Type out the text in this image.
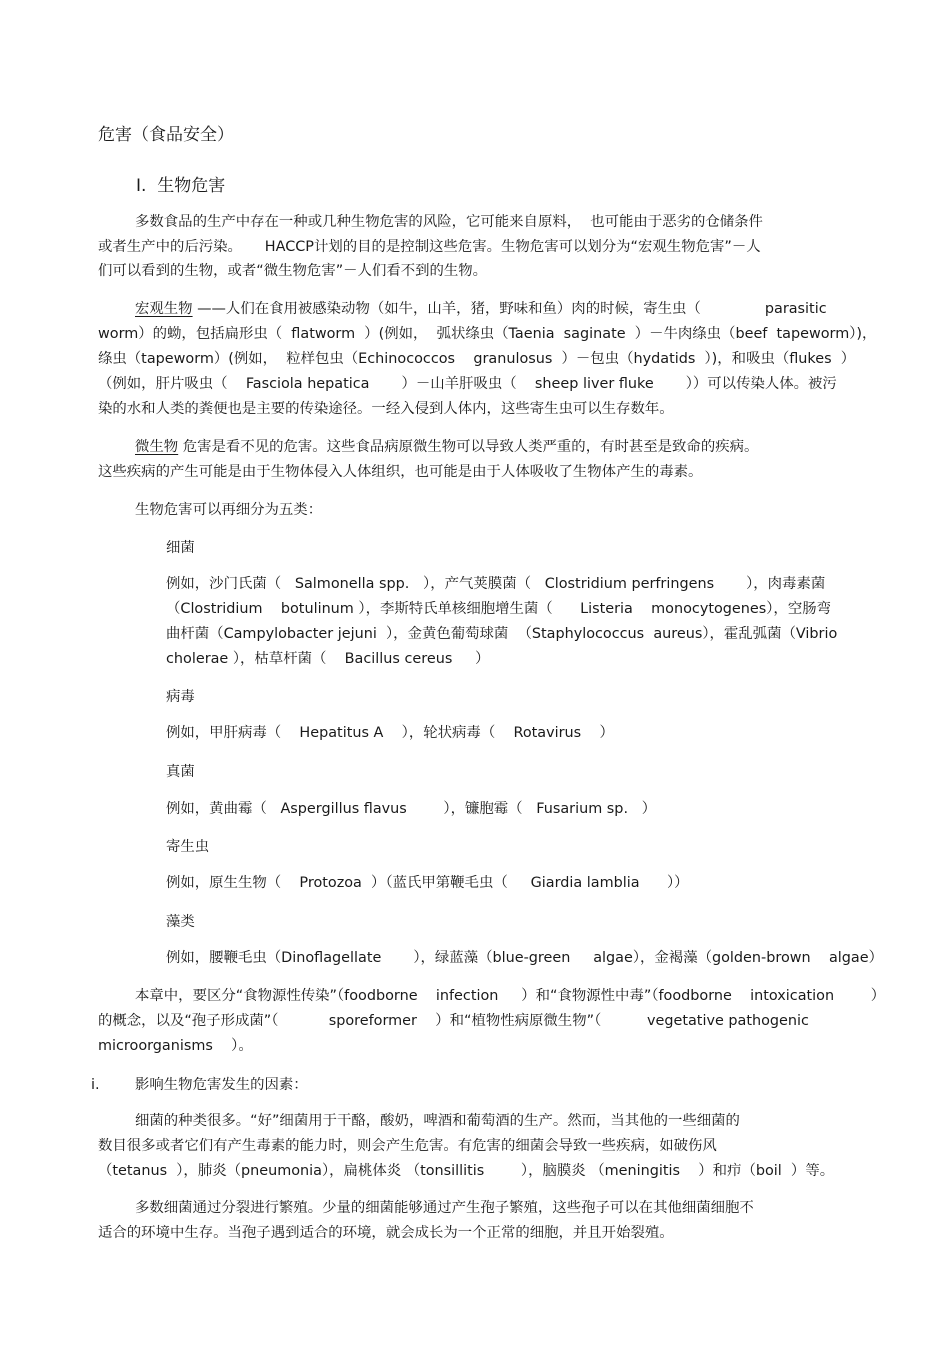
危害（食品安全）
I.  生物危害
多数食品的生产中存在一种或几种生物危害的风险，它可能来自原料，  也可能由于恶劣的仓储条件
或者生产中的后污染。     HACCP计划的目的是控制这些危害。生物危害可以划分为“宏观生物危害”－人
们可以看到的生物，或者“微生物危害”－人们看不到的生物。
宏观生物 ——人们在食用被感染动物（如牛，山羊，猪，野味和鱼）肉的时候，寄生虫（              parasitic
worm）的蚴，包括扁形虫（  flatworm  ）(例如，  弧状绦虫（Taenia  saginate  ）－牛肉绦虫（beef  tapeworm）)，
绦虫（tapeworm）(例如，  粒样包虫（Echinococcos    granulosus  ）－包虫（hydatids  ）)，和吸虫（flukes  ）
（例如，肝片吸虫（    Fasciola hepatica       ）－山羊肝吸虫（    sheep liver fluke       ））可以传染人体。被污
染的水和人类的粪便也是主要的传染途径。一经入侵到人体内，这些寄生虫可以生存数年。
微生物 危害是看不见的危害。这些食品病原微生物可以导致人类严重的，有时甚至是致命的疾病。
这些疾病的产生可能是由于生物体侵入人体组织，也可能是由于人体吸收了生物体产生的毒素。
生物危害可以再细分为五类：
细菌
例如，沙门氏菌（   Salmonella spp.   ），产气荚膜菌（   Clostridium perfringens       ），肉毒素菌
（Clostridium    botulinum ），李斯特氏单核细胞增生菌（      Listeria    monocytogenes），空肠弯
曲杆菌（Campylobacter jejuni  ），金黄色葡萄球菌  （Staphylococcus  aureus），霍乱弧菌（Vibrio
cholerae ），枯草杆菌（    Bacillus cereus     ）
病毒
例如，甲肝病毒（    Hepatitus A    ），轮状病毒（    Rotavirus    ）
真菌
例如，黄曲霉（   Aspergillus flavus        ），镰胞霉（   Fusarium sp.   ）
寄生虫
例如，原生生物（    Protozoa  ）（蓝氏甲第鞭毛虫（     Giardia lamblia      ））
藻类
例如，腰鞭毛虫（Dinoflagellate       ），绿蓝藻（blue-green     algae），金褐藻（golden-brown    algae）
本章中，要区分“食物源性传染”（foodborne    infection     ）和“食物源性中毒”（foodborne    intoxication        ）
的概念，以及“孢子形成菌”（           sporeformer    ）和“植物性病原微生物”（          vegetative pathogenic
microorganisms    ）。
i. 影响生物危害发生的因素：
细菌的种类很多。“好”细菌用于干酪，酸奶，啤酒和葡萄酒的生产。然而，当其他的一些细菌的
数目很多或者它们有产生毒素的能力时，则会产生危害。有危害的细菌会导致一些疾病，如破伤风
（tetanus  ），肺炎（pneumonia），扁桃体炎 （tonsillitis        ），脑膜炎 （meningitis    ）和疖（boil  ）等。
多数细菌通过分裂进行繁殖。少量的细菌能够通过产生孢子繁殖，这些孢子可以在其他细菌细胞不
适合的环境中生存。当孢子遇到适合的环境，就会成长为一个正常的细胞，并且开始裂殖。
